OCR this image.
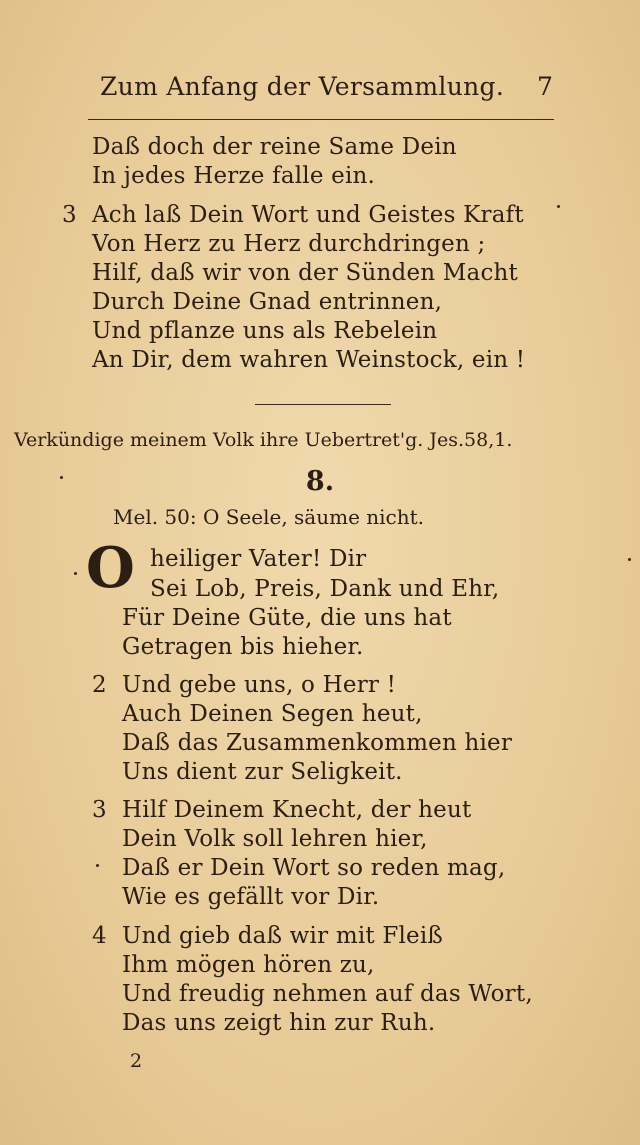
Zum Anfang der Versammlung. 7
Daß doch der reine Same Dein
In jedes Herze falle ein.
3 Ach laß Dein Wort und Geistes Kraft
Von Herz zu Herz durchdringen ;
Hilf, daß wir von der Sünden Macht
Durch Deine Gnad entrinnen,
Und pflanze uns als Rebelein
An Dir, dem wahren Weinstock, ein !
Verkündige meinem Volk ihre Uebertret'g. Jes.58,1.
8.
Mel. 50: O Seele, säume nicht.
O heiliger Vater! Dir
Sei Lob, Preis, Dank und Ehr,
Für Deine Güte, die uns hat
Getragen bis hieher.
2 Und gebe uns, o Herr !
Auch Deinen Segen heut,
Daß das Zusammenkommen hier
Uns dient zur Seligkeit.
3 Hilf Deinem Knecht, der heut
Dein Volk soll lehren hier,
Daß er Dein Wort so reden mag,
Wie es gefällt vor Dir.
4 Und gieb daß wir mit Fleiß
Ihm mögen hören zu,
Und freudig nehmen auf das Wort,
Das uns zeigt hin zur Ruh.
2
